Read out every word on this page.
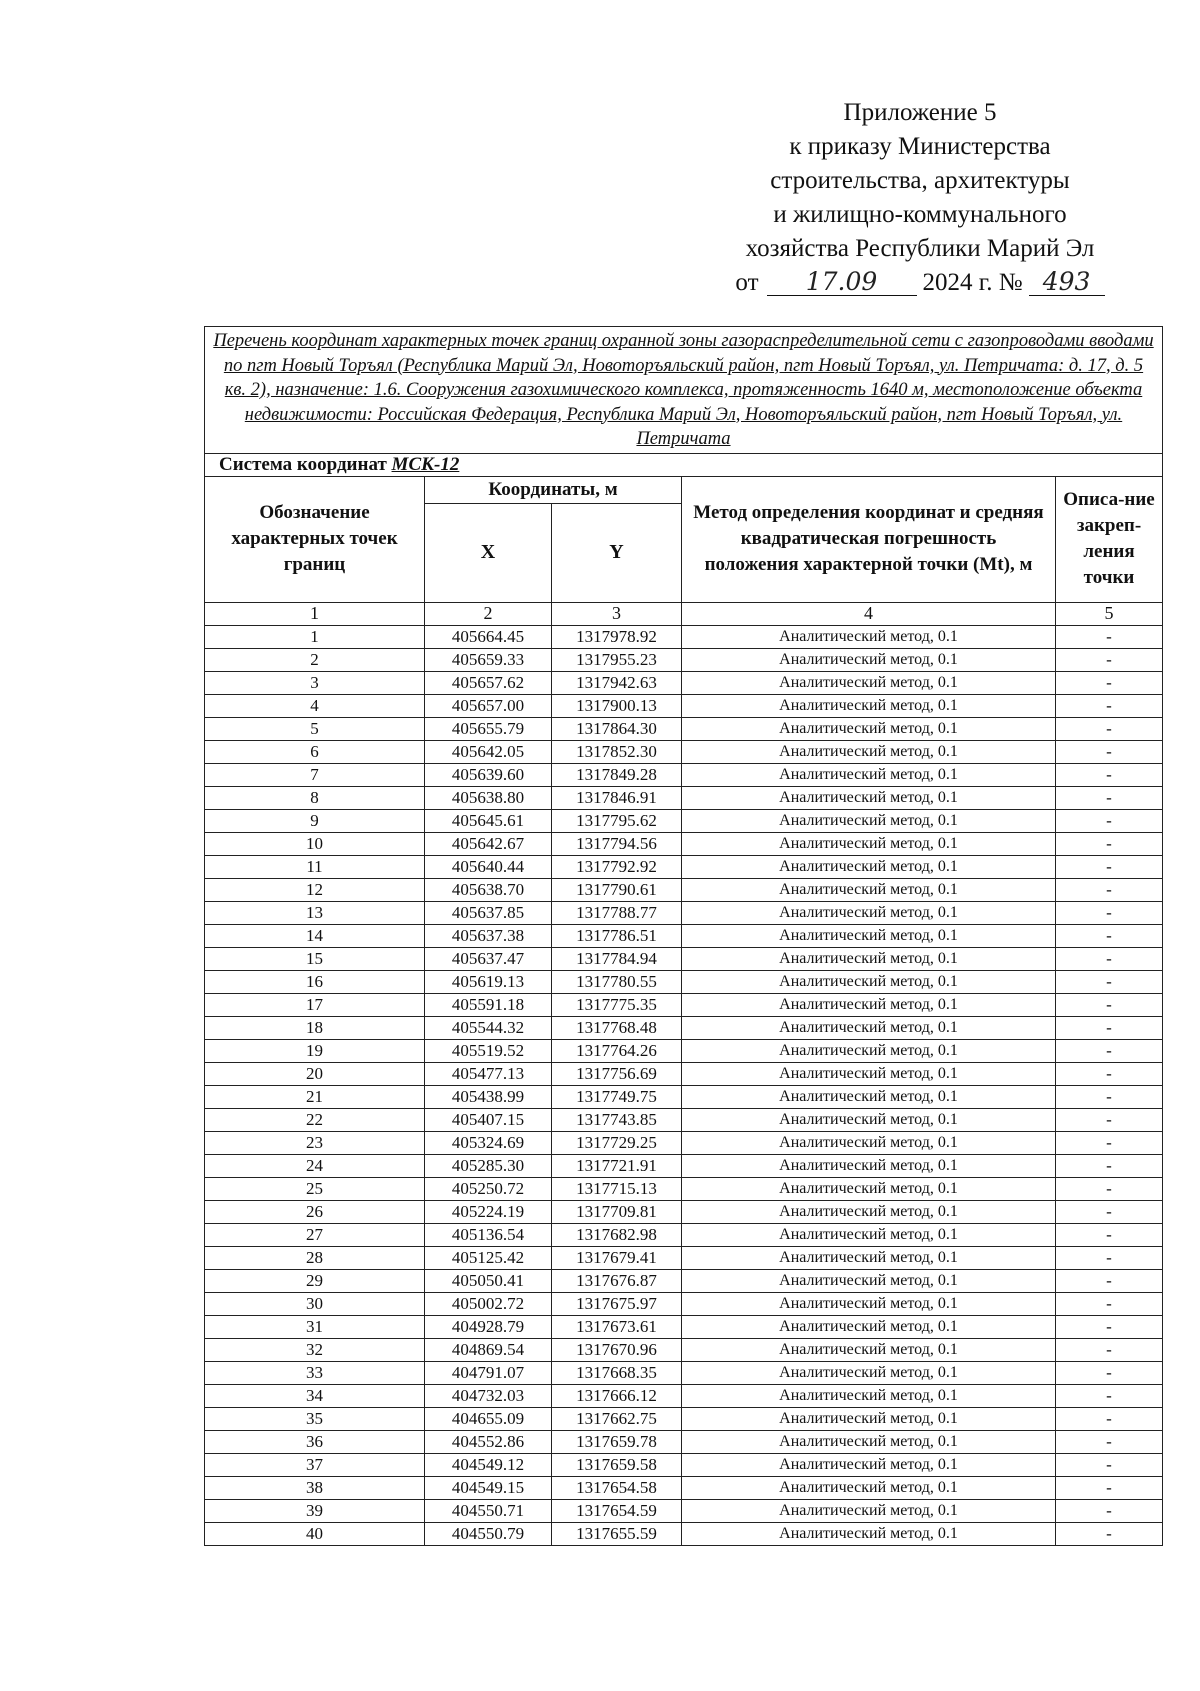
Приложение 5
к приказу Министерства
строительства, архитектуры
и жилищно-коммунального
хозяйства Республики Марий Эл
от 17.09 2024 г. № 493
Перечень координат характерных точек границ охранной зоны газораспределительной сети с газопроводами вводами по пгт Новый Торъял (Республика Марий Эл, Новоторъяльский район, пгт Новый Торъял, ул. Петричата: д. 17, д. 5 кв. 2), назначение: 1.6. Сооружения газохимического комплекса, протяженность 1640 м, местоположение объекта недвижимости: Российская Федерация, Республика Марий Эл, Новоторъяльский район, пгт Новый Торъял, ул. Петричата				
Система координат МСК-12				
Обозначение характерных точек границ	Координаты, м		Метод определения координат и средняя квадратическая погрешность положения характерной точки (Mt), м	Описа-ние закреп-ления точки
	X	Y		
1	2	3	4	5
1	405664.45	1317978.92	Аналитический метод, 0.1	-
2	405659.33	1317955.23	Аналитический метод, 0.1	-
3	405657.62	1317942.63	Аналитический метод, 0.1	-
4	405657.00	1317900.13	Аналитический метод, 0.1	-
5	405655.79	1317864.30	Аналитический метод, 0.1	-
6	405642.05	1317852.30	Аналитический метод, 0.1	-
7	405639.60	1317849.28	Аналитический метод, 0.1	-
8	405638.80	1317846.91	Аналитический метод, 0.1	-
9	405645.61	1317795.62	Аналитический метод, 0.1	-
10	405642.67	1317794.56	Аналитический метод, 0.1	-
11	405640.44	1317792.92	Аналитический метод, 0.1	-
12	405638.70	1317790.61	Аналитический метод, 0.1	-
13	405637.85	1317788.77	Аналитический метод, 0.1	-
14	405637.38	1317786.51	Аналитический метод, 0.1	-
15	405637.47	1317784.94	Аналитический метод, 0.1	-
16	405619.13	1317780.55	Аналитический метод, 0.1	-
17	405591.18	1317775.35	Аналитический метод, 0.1	-
18	405544.32	1317768.48	Аналитический метод, 0.1	-
19	405519.52	1317764.26	Аналитический метод, 0.1	-
20	405477.13	1317756.69	Аналитический метод, 0.1	-
21	405438.99	1317749.75	Аналитический метод, 0.1	-
22	405407.15	1317743.85	Аналитический метод, 0.1	-
23	405324.69	1317729.25	Аналитический метод, 0.1	-
24	405285.30	1317721.91	Аналитический метод, 0.1	-
25	405250.72	1317715.13	Аналитический метод, 0.1	-
26	405224.19	1317709.81	Аналитический метод, 0.1	-
27	405136.54	1317682.98	Аналитический метод, 0.1	-
28	405125.42	1317679.41	Аналитический метод, 0.1	-
29	405050.41	1317676.87	Аналитический метод, 0.1	-
30	405002.72	1317675.97	Аналитический метод, 0.1	-
31	404928.79	1317673.61	Аналитический метод, 0.1	-
32	404869.54	1317670.96	Аналитический метод, 0.1	-
33	404791.07	1317668.35	Аналитический метод, 0.1	-
34	404732.03	1317666.12	Аналитический метод, 0.1	-
35	404655.09	1317662.75	Аналитический метод, 0.1	-
36	404552.86	1317659.78	Аналитический метод, 0.1	-
37	404549.12	1317659.58	Аналитический метод, 0.1	-
38	404549.15	1317654.58	Аналитический метод, 0.1	-
39	404550.71	1317654.59	Аналитический метод, 0.1	-
40	404550.79	1317655.59	Аналитический метод, 0.1	-
